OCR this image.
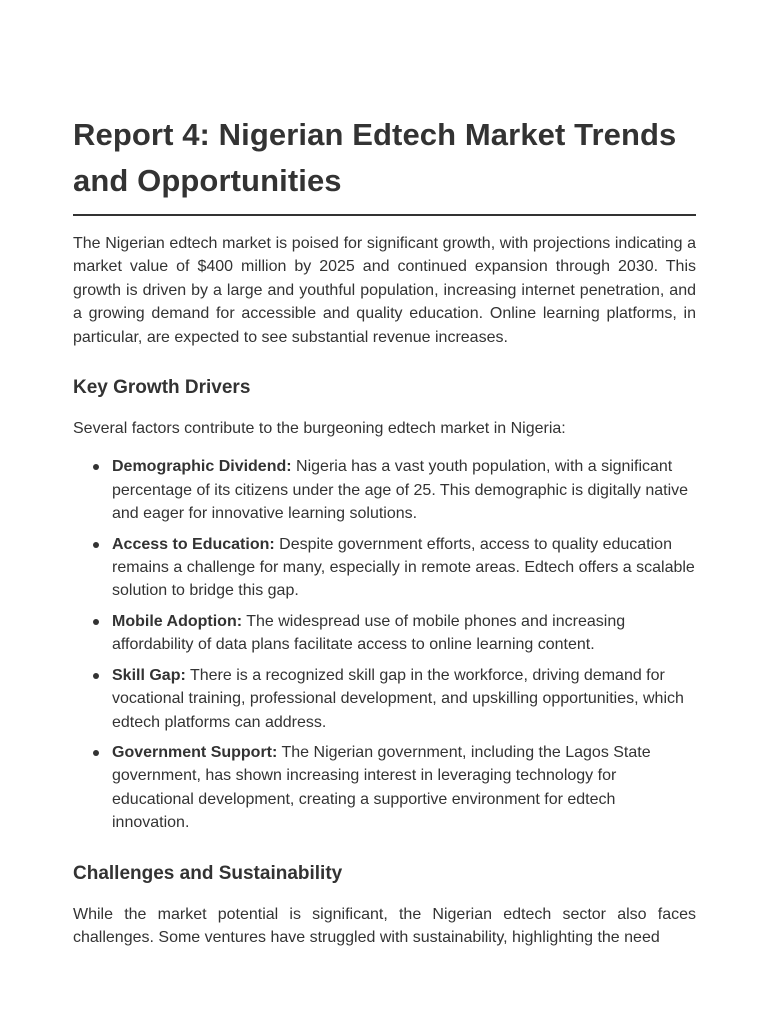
Report 4: Nigerian Edtech Market Trends and Opportunities

The Nigerian edtech market is poised for significant growth, with projections indicating a market value of $400 million by 2025 and continued expansion through 2030. This growth is driven by a large and youthful population, increasing internet penetration, and a growing demand for accessible and quality education. Online learning platforms, in particular, are expected to see substantial revenue increases.

Key Growth Drivers

Several factors contribute to the burgeoning edtech market in Nigeria:

Demographic Dividend: Nigeria has a vast youth population, with a significant percentage of its citizens under the age of 25. This demographic is digitally native and eager for innovative learning solutions.
Access to Education: Despite government efforts, access to quality education remains a challenge for many, especially in remote areas. Edtech offers a scalable solution to bridge this gap.
Mobile Adoption: The widespread use of mobile phones and increasing affordability of data plans facilitate access to online learning content.
Skill Gap: There is a recognized skill gap in the workforce, driving demand for vocational training, professional development, and upskilling opportunities, which edtech platforms can address.
Government Support: The Nigerian government, including the Lagos State government, has shown increasing interest in leveraging technology for educational development, creating a supportive environment for edtech innovation.
Challenges and Sustainability

While the market potential is significant, the Nigerian edtech sector also faces challenges. Some ventures have struggled with sustainability, highlighting the need
